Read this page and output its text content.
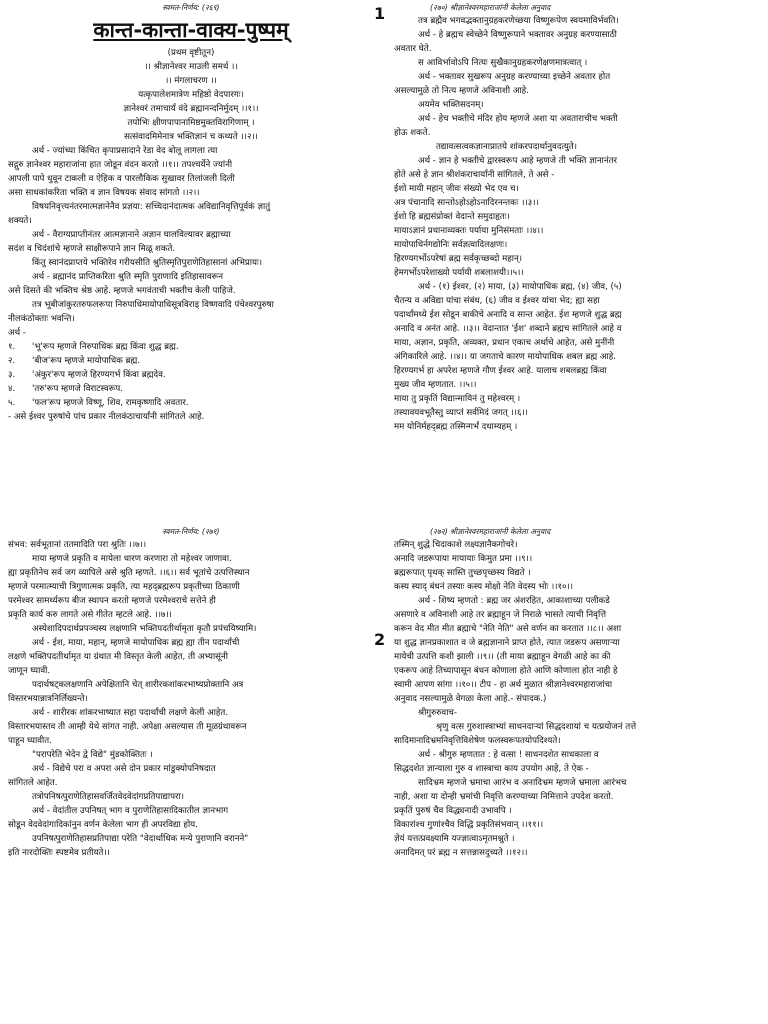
1
2
स्वमत-निर्णय: (२६९)
कान्त-कान्ता-वाक्य-पुष्पम्
(प्रथम वृष्टीतून)
।। श्रीज्ञानेश्वर माउली समर्थ ।।
।। मंगलाचरण ।।
यत्कृपालेशमात्रेण महिष्ठो वेदपारगः।
ज्ञानेश्वरं तमाचार्यं वंदे ब्रह्मानन्दनिर्मुदम् ।।१।।
तपोभिः क्षीणपापानामिष्ठमुक्तविरागिणाम् ।
सत्संवादमिमेनात्र भक्तिज्ञानं च कथ्यते ।।२।।
अर्थ - ज्यांच्या किंचित कृपाप्रसादाने रेडा वेद बोलू लागला त्या
सद्गुरु ज्ञानेश्वर महाराजांना हात जोडून वंदन करतो ।।१।। तपश्चर्येने ज्यांनी
आपली पापे धुवून टाकली व ऐहिक व पारलौकिक सुखावर तिलांजली दिली
असा साधकांकरिता भक्ति व ज्ञान विषयक संवाद सांगतो ।।२।।
विषयनिवृत्त्यनंतरमात्मज्ञानेनैव प्रज्ञया: सच्चिदानंदात्मक अविद्यानिवृत्तिपूर्वकं ज्ञातुं
शक्यते।
अर्थ - वैराग्यप्राप्तीनंतर आत्मज्ञानाने अज्ञान घालविल्यावर ब्रह्माच्या
सदंश व चिदंशांचे म्हणजे साक्षीरूपाने ज्ञान मिळू शकते.
किंतु स्वानंदप्राप्तये भक्तिरेव गरीयसीति श्रुतिस्मृतिपुराणेतिहासानां अभिप्रायः।
अर्थ - ब्रह्मानंद प्राप्तिकरिता श्रुति स्मृति पुराणादि इतिहासावरून
असे दिसते की भक्तिच श्रेष्ठ आहे. म्हणजे भगवंताची भक्तीच केली पाहिजे.
तत्र भूबीजांकुरतरुफलरूपा निरुपाधिमायोपाधिसूत्रविराड् विष्णवादि पंचेश्वरपुरुषा
नीलकंठोक्ताः भवन्ति।
अर्थ -
१.	'भू'रूप म्हणजे निरुपाधिक ब्रह्म किंवा शुद्ध ब्रह्म.
२.	'बीज'रूप म्हणजे मायोपाधिक ब्रह्म.
३.	'अंकुर'रूप म्हणजे हिरण्यगर्भ किंवा ब्रह्मदेव.
४.	'तरु'रूप म्हणजे विराटस्वरूप.
५.	'फल'रूप म्हणजे विष्णू, शिव, रामकृष्णादि अवतार.
- असे ईश्वर पुरुषांचे पांच प्रकार नीलकंठाचार्यांनी सांगितले आहे.
(२७०) श्रीज्ञानेश्वरमहाराजांनी केलेला अनुवाद
तत्र ब्रह्मैव भगवद्भक्तानुग्रहकरणेच्छया विष्णुरूपेण स्वयमाविर्भवति।
अर्थ - हे ब्रह्मच स्वेच्छेने विष्णुरूपाने भक्तावर अनुग्रह करण्यासाठी
अवतार घेते.
स आविर्भावोऽपि नित्यः सुखैकानुग्रहकरणेक्षणमात्रत्वात् ।
अर्थ - भक्तावर सुखरूप अनुग्रह करण्याच्या इच्छेने अवतार होत
असल्यामुळे तो नित्य म्हणजे अविनाशी आहे.
अयमेव भक्तिसदनम्।
अर्थ - हेच भक्तीचे मंदिर होय म्हणजे अशा या अवताराचीच भक्ती
होऊ शकते.
तद्यावत्सत्वकज्ञानाप्रातये शांकरपदार्थानुवदत्युते।
अर्थ - ज्ञान हे भक्तीचे द्वारस्वरूप आहे म्हणजे ती भक्ति ज्ञानानंतर
होते असे हे ज्ञान श्रीशंकराचार्यांनी सांगितले, ते असे -
ईशो मायी महान् जीवः संख्यो भेद एव च।
अत्र पंचानादि सान्तोऽहोऽहोऽनादिरनन्तकः ।।३।।
ईशो हि ब्रह्मसंप्रोक्तं वेदान्ते समुदाहृतः।
मायाऽज्ञानं प्रधानाव्यक्तः पर्याया मुनिसंमताः ।।४।।
मायोपाधिर्नगद्योनिः सर्वज्ञत्वादिलक्षणः।
हिरण्यगर्भोऽपरेषां ब्रह्म सर्वकृच्छब्दो महान्।
हेमगर्भोऽपरेशाख्यो पर्यायी शबलाशयी।।५।।
अर्थ - (१) ईश्वर, (२) माया, (३) मायोपाधिक ब्रह्म, (४) जीव, (५)
चैतन्य व अविद्या यांचा संबंध, (६) जीव व ईश्वर यांचा भेद; ह्या सहा
पदार्थांमध्ये ईश सोडून बाकीचे अनादि व सान्त आहेत. ईश म्हणजे शुद्ध ब्रह्म
अनादि व अनंत आहे. ।।३।। वेदान्तात 'ईश' शब्दाने ब्रह्मच सांगितले आहे व
माया, अज्ञान, प्रकृति, अव्यक्त, प्रधान एकाच अर्थाचे आहेत, असे मुनींनी
अंगिकारिले आहे. ।।४।। या जगताचे कारण मायोपाधिक शबल ब्रह्म आहे.
हिरण्यगर्भ हा अपरेश म्हणजे गौण ईश्वर आहे. यालाच शबलब्रह्म किंवा
मुख्य जीव म्हणतात. ।।५।।
माया तु प्रकृतिं विद्यान्मायिनं तु महेश्वरम् ।
तस्यावयवभूतैस्तु व्याप्तं सर्वमिदं जगत् ।।६।।
मम योनिर्महद्ब्रह्म तस्मिन्गर्भं दधाम्यहम् ।
स्वमत-निर्णय: (२७१)
संभव: सर्वभूतानां ततमादिति परा श्रुतिः ।।७।।
माया म्हणजे प्रकृति व मायेला धारण करणारा तो महेश्वर जाणावा.
ह्या प्रकृतिनेच सर्व जग व्यापिले असे श्रुति म्हणते. ।।६।। सर्व भूतांचे उत्पत्तिस्थान
म्हणजे परमात्म्याची त्रिगुणात्मक प्रकृति, त्या महद्ब्रह्मरूप प्रकृतीच्या ठिकाणी
परमेश्वर सामर्थ्यरूप बीज स्थापन करतो म्हणजे परमेश्वराचे सत्तेने ही
प्रकृति कार्य करु लागते असे गीतेत म्हटले आहे. ।।७।।
अस्येशादिपदार्थप्रपञ्चस्य लक्षणानि भक्तिपदतीर्थामृता कृतौ प्रपंचयिष्यामि।
अर्थ - ईश, माया, महान्, म्हणजे मायोपाधिक ब्रह्म ह्या तीन पदार्थांची
लक्षणे भक्तिपदतीर्थामृत या ग्रंथात मी विस्तृत केली आहेत, ती अभ्यासूंनी
जाणून घ्यावी.
पदार्थषट्कलक्षणानि अपेक्षितानि चेत् शारीरकशांकरभाष्यप्रोक्तानि अत्र
विस्तरभयान्नात्रनिर्लिख्यन्ते।
अर्थ - शारीरक शांकरभाष्यात सहा पदार्थांची लक्षणे केली आहेत.
विस्तारभयास्तव ती आम्ही येथे सांगत नाही. अपेक्षा असल्यास ती मूळग्रंथावरून
पाहून घ्यावीत.
"परापरेति भेदेन द्वे विद्ये" मुंडकोक्तितः ।
अर्थ - विद्येचे परा व अपरा असे दोन प्रकार मांडुक्योपनिषदात
सांगितले आहेत.
तत्रोपनिषत्पुराणेतिहासवर्जितवेदवेदांगप्रतिपाद्यापरा।
अर्थ - वेदांतील उपनिषत् भाग व पुराणेतिहासादिकातील ज्ञानभाग
सोडून वेदवेदांगादिकांनुन वर्णन केलेला भाग ही अपरविद्या होय.
उपनिषत्पुराणेतिहासप्रतिपाद्या परेति "वेदार्थाधिक मन्ये पुराणानि वरानने"
इति नारदोक्तिः स्पष्टमेव प्रतीयते।।
(२७२) श्रीज्ञानेश्वरमहाराजांनी केलेला अनुवाद
तस्मिन् शुद्धे चिदाकाशे लक्ष्यज्ञानैकगोचरे।
अनादि जडरूपाया मायायाः किमुत प्रमा ।।९।।
ब्रह्मरूपात् पृथक् सास्ति तुच्छपृच्छस्य विद्यते ।
कस्य स्याद् बंधनं तस्याः कस्य मोक्षो नेति वेदस्य भोः ।।१०।।
अर्थ - शिष्य म्हणतो : ब्रह्म जर अंशरहित, आकाशाच्या पलीकडे
असणारे व अविनाशी आहे तर ब्रह्माहून जे निराळे भासते त्याची निवृत्ति
करून वेद मीत मीत ब्रह्माचे "नेति नेति" असे वर्णन का करतात ।।८।। अशा
या शुद्ध ज्ञानप्रकाशात व जे ब्रह्मज्ञानाने प्राप्त होते, त्यात जडरूप असणाऱ्या
मायेची उत्पत्ति कशी झाली ।।९।। (ती माया ब्रह्माहून वेगळी आहे का की
एकरूप आहे तिच्यापासून बंधन कोणाला होते आणि कोणाला होत नाही हे
स्वामी आपण सांगा ।।१०।। टीप - हा अर्थ मुळात श्रीज्ञानेश्वरमहाराजांचा
अनुवाद नसल्यामुळे वेगळा केला आहे.- संपादक.)
श्रीगुरुरुवाच-
श्रृणु वत्स गुरुशास्त्राभ्यां साधनदाऱ्यां सिद्धदशायां च यत्प्रयोजनं तत्ते
सादिमानादिभ्रमनिवृत्तिविशेषेण फलस्वरूपतयोपदिश्यते।
अर्थ - श्रीगुरु म्हणतात : हे वत्सा ! साधनदशेत साधकाला व
सिद्धदशेत ज्ञान्याला गुरु व शास्त्राचा काय उपयोग आहे, ते ऐक -
सादिभ्रम म्हणजे भ्रमाचा आरंभ व अनादिभ्रम म्हणजे भ्रमाला आरंभच
नाही, अशा या दोन्ही भ्रमांची निवृत्ति करण्याच्या निमित्ताने उपदेश करतो.
प्रकृतिं पुरुषं चैव विद्ध्यनादी उभावपि ।
विकारांश्च गुणांश्चैव विद्धि प्रकृतिसंभवान् ।।११।।
ज्ञेयं यत्तत्प्रवक्ष्यामि यज्ज्ञात्वाऽमृतमश्नुते ।
अनादिमत् परं ब्रह्म न सत्तन्नासदुच्यते ।।१२।।
